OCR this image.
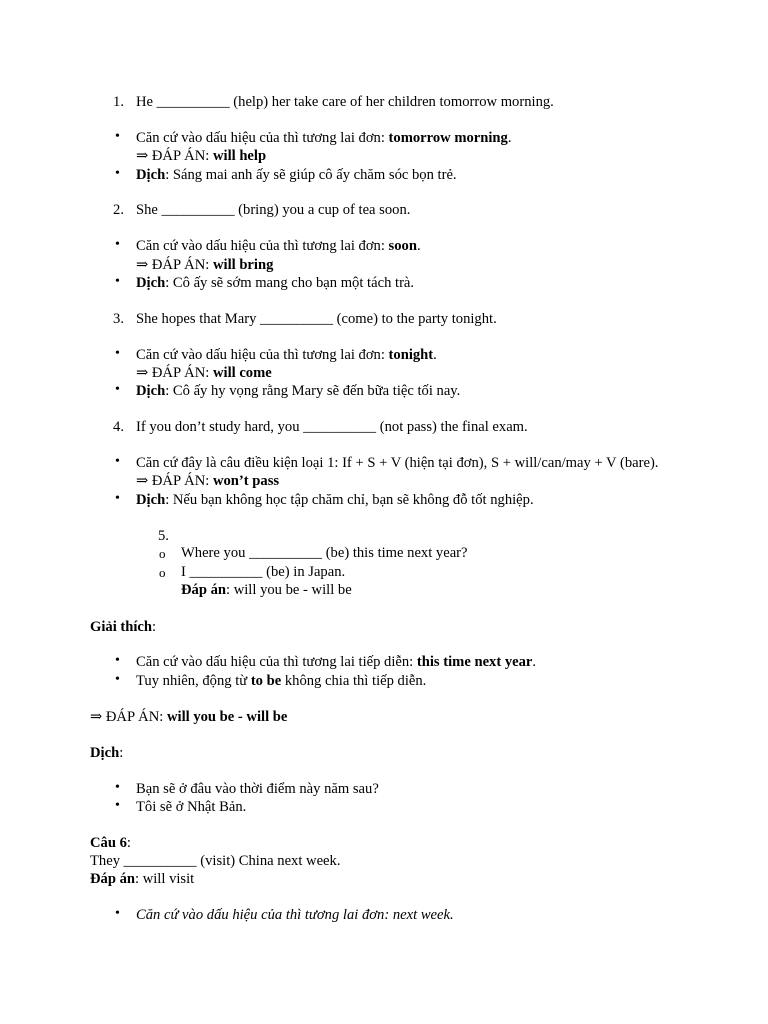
1. He __________ (help) her take care of her children tomorrow morning.
• Căn cứ vào dấu hiệu của thì tương lai đơn: tomorrow morning.
⇒ ĐÁP ÁN: will help
• Dịch: Sáng mai anh ấy sẽ giúp cô ấy chăm sóc bọn trẻ.
2. She __________ (bring) you a cup of tea soon.
• Căn cứ vào dấu hiệu của thì tương lai đơn: soon.
⇒ ĐÁP ÁN: will bring
• Dịch: Cô ấy sẽ sớm mang cho bạn một tách trà.
3. She hopes that Mary __________ (come) to the party tonight.
• Căn cứ vào dấu hiệu của thì tương lai đơn: tonight.
⇒ ĐÁP ÁN: will come
• Dịch: Cô ấy hy vọng rằng Mary sẽ đến bữa tiệc tối nay.
4. If you don’t study hard, you __________ (not pass) the final exam.
• Căn cứ đây là câu điều kiện loại 1: If + S + V (hiện tại đơn), S + will/can/may + V (bare).
⇒ ĐÁP ÁN: won’t pass
• Dịch: Nếu bạn không học tập chăm chỉ, bạn sẽ không đỗ tốt nghiệp.
5.
o Where you __________ (be) this time next year?
o I __________ (be) in Japan.
Đáp án: will you be - will be
Giải thích:
• Căn cứ vào dấu hiệu của thì tương lai tiếp diễn: this time next year.
• Tuy nhiên, động từ to be không chia thì tiếp diễn.
⇒ ĐÁP ÁN: will you be - will be
Dịch:
• Bạn sẽ ở đâu vào thời điểm này năm sau?
• Tôi sẽ ở Nhật Bản.
Câu 6:
They __________ (visit) China next week.
Đáp án: will visit
• Căn cứ vào dấu hiệu của thì tương lai đơn: next week.
